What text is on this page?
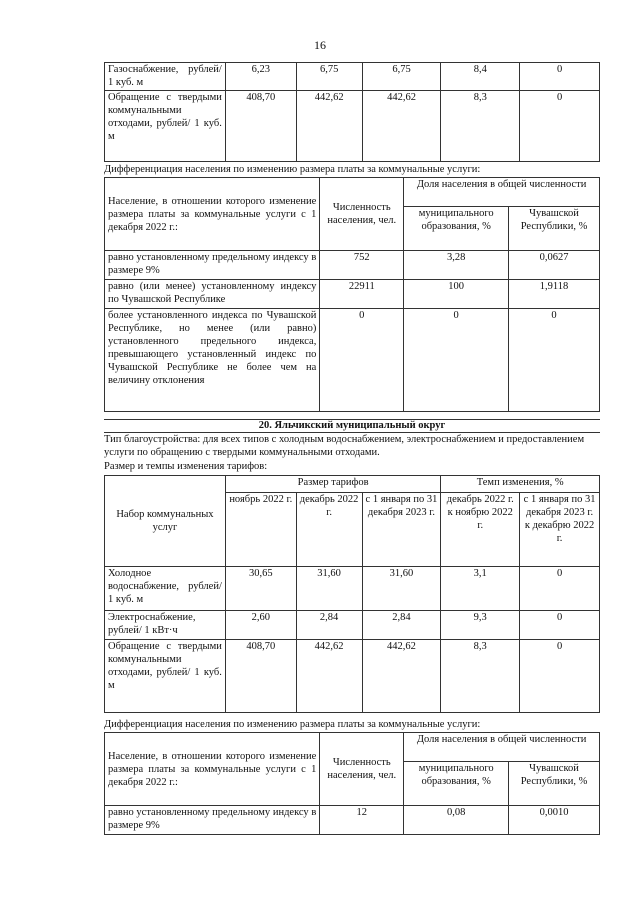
16
Газоснабжение, рублей/ 1 куб. м	6,23	6,75	6,75	8,4	0
Обращение с твердыми коммунальными отходами, рублей/ 1 куб. м	408,70	442,62	442,62	8,3	0
Дифференциация населения по изменению размера платы за коммунальные услуги:
Население, в отношении которого изменение размера платы за коммунальные услуги с 1 декабря 2022 г.:	Численность населения, чел.	Доля населения в общей численности	
		муниципального образования, %	Чувашской Республики, %
равно установленному предельному индексу в размере 9%	752	3,28	0,0627
равно (или менее) установленному индексу по Чувашской Республике	22911	100	1,9118
более установленного индекса по Чувашской Республике, но менее (или равно) установленного предельного индекса, превышающего установленный индекс по Чувашской Республике не более чем на величину отклонения	0	0	0
20. Яльчикский муниципальный округ
Тип благоустройства: для всех типов с холодным водоснабжением, электроснабжением и предоставлением услуги по обращению с твердыми коммунальными отходами.
Размер и темпы изменения тарифов:
Набор коммунальных услуг	Размер тарифов			Темп изменения, %	
	ноябрь 2022 г.	декабрь 2022 г.	с 1 января по 31 декабря 2023 г.	декабрь 2022 г. к ноябрю 2022 г.	с 1 января по 31 декабря 2023 г. к декабрю 2022 г.
Холодное водоснабжение, рублей/ 1 куб. м	30,65	31,60	31,60	3,1	0
Электроснабжение, рублей/ 1 кВт·ч	2,60	2,84	2,84	9,3	0
Обращение с твердыми коммунальными отходами, рублей/ 1 куб. м	408,70	442,62	442,62	8,3	0
Дифференциация населения по изменению размера платы за коммунальные услуги:
Население, в отношении которого изменение размера платы за коммунальные услуги с 1 декабря 2022 г.:	Численность населения, чел.	Доля населения в общей численности	
		муниципального образования, %	Чувашской Республики, %
равно установленному предельному индексу в размере 9%	12	0,08	0,0010
